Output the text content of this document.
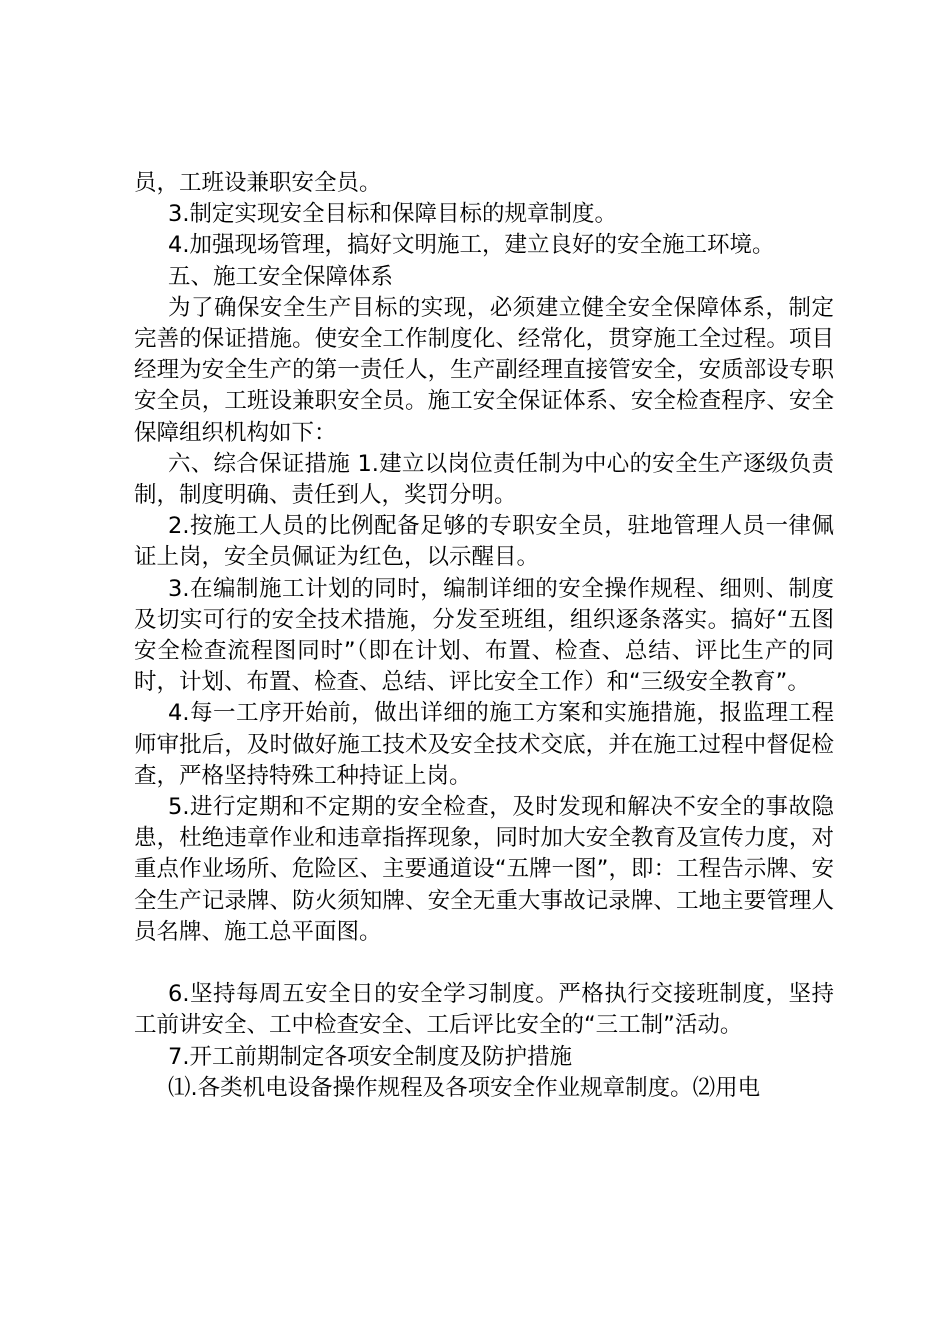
员，工班设兼职安全员。

3.制定实现安全目标和保障目标的规章制度。

4.加强现场管理，搞好文明施工，建立良好的安全施工环境。

五、施工安全保障体系

为了确保安全生产目标的实现，必须建立健全安全保障体系，制定完善的保证措施。使安全工作制度化、经常化，贯穿施工全过程。项目经理为安全生产的第一责任人，生产副经理直接管安全，安质部设专职安全员，工班设兼职安全员。施工安全保证体系、安全检查程序、安全保障组织机构如下：

六、综合保证措施 1.建立以岗位责任制为中心的安全生产逐级负责制，制度明确、责任到人，奖罚分明。

2.按施工人员的比例配备足够的专职安全员，驻地管理人员一律佩证上岗，安全员佩证为红色，以示醒目。

3.在编制施工计划的同时，编制详细的安全操作规程、细则、制度及切实可行的安全技术措施，分发至班组，组织逐条落实。搞好“五图安全检查流程图同时”（即在计划、布置、检查、总结、评比生产的同时，计划、布置、检查、总结、评比安全工作）和“三级安全教育”。

4.每一工序开始前，做出详细的施工方案和实施措施，报监理工程师审批后，及时做好施工技术及安全技术交底，并在施工过程中督促检查，严格坚持特殊工种持证上岗。

5.进行定期和不定期的安全检查，及时发现和解决不安全的事故隐患，杜绝违章作业和违章指挥现象，同时加大安全教育及宣传力度，对重点作业场所、危险区、主要通道设“五牌一图”，即：工程告示牌、安全生产记录牌、防火须知牌、安全无重大事故记录牌、工地主要管理人员名牌、施工总平面图。

6.坚持每周五安全日的安全学习制度。严格执行交接班制度，坚持工前讲安全、工中检查安全、工后评比安全的“三工制”活动。

7.开工前期制定各项安全制度及防护措施

⑴.各类机电设备操作规程及各项安全作业规章制度。⑵用电
